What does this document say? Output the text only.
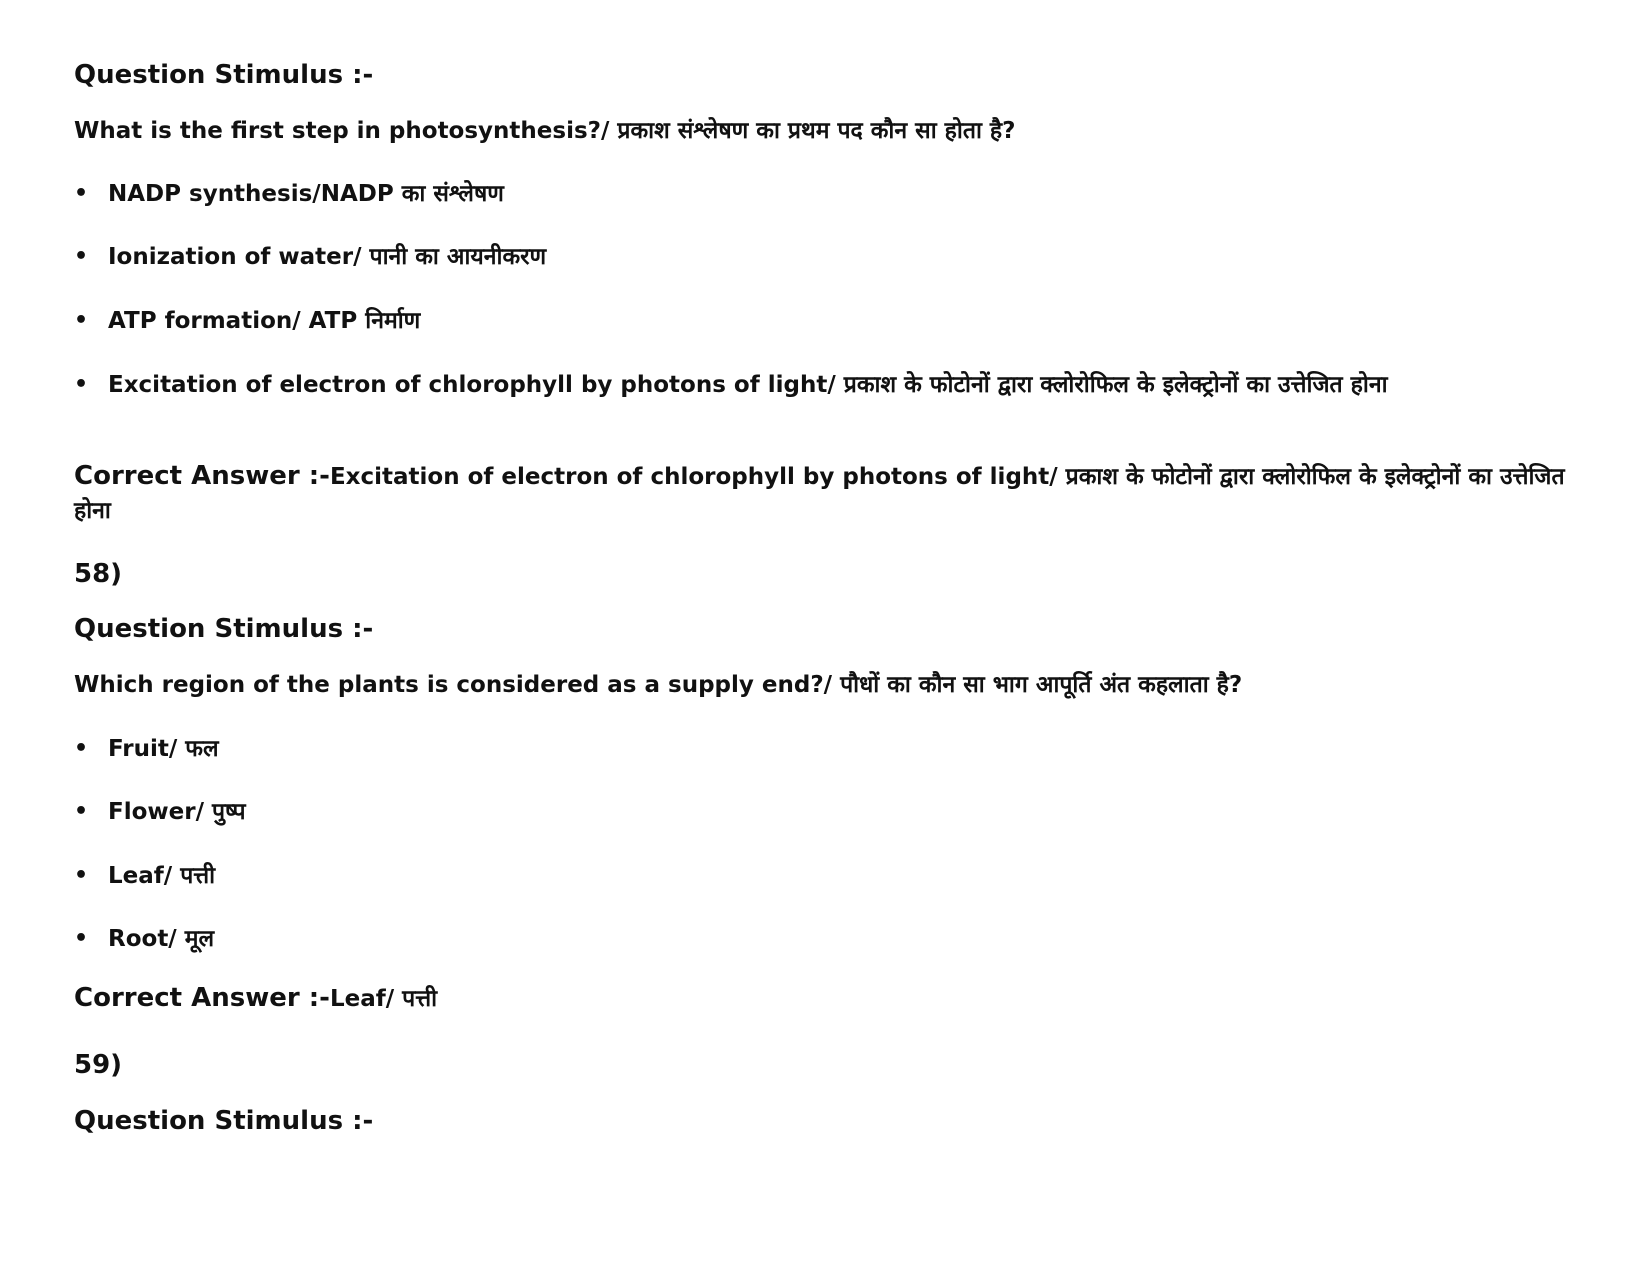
Question Stimulus :-
What is the first step in photosynthesis?/ प्रकाश संश्लेषण का प्रथम पद कौन सा होता है?
• NADP synthesis/NADP का संश्लेषण
• Ionization of water/ पानी का आयनीकरण
• ATP formation/ ATP निर्माण
• Excitation of electron of chlorophyll by photons of light/ प्रकाश के फोटोनों द्वारा क्लोरोफिल के इलेक्ट्रोनों का उत्तेजित होना
Correct Answer :-Excitation of electron of chlorophyll by photons of light/ प्रकाश के फोटोनों द्वारा क्लोरोफिल के इलेक्ट्रोनों का उत्तेजित होना
58)
Question Stimulus :-
Which region of the plants is considered as a supply end?/ पौधों का कौन सा भाग आपूर्ति अंत कहलाता है?
• Fruit/ फल
• Flower/ पुष्प
• Leaf/ पत्ती
• Root/ मूल
Correct Answer :-Leaf/ पत्ती
59)
Question Stimulus :-
